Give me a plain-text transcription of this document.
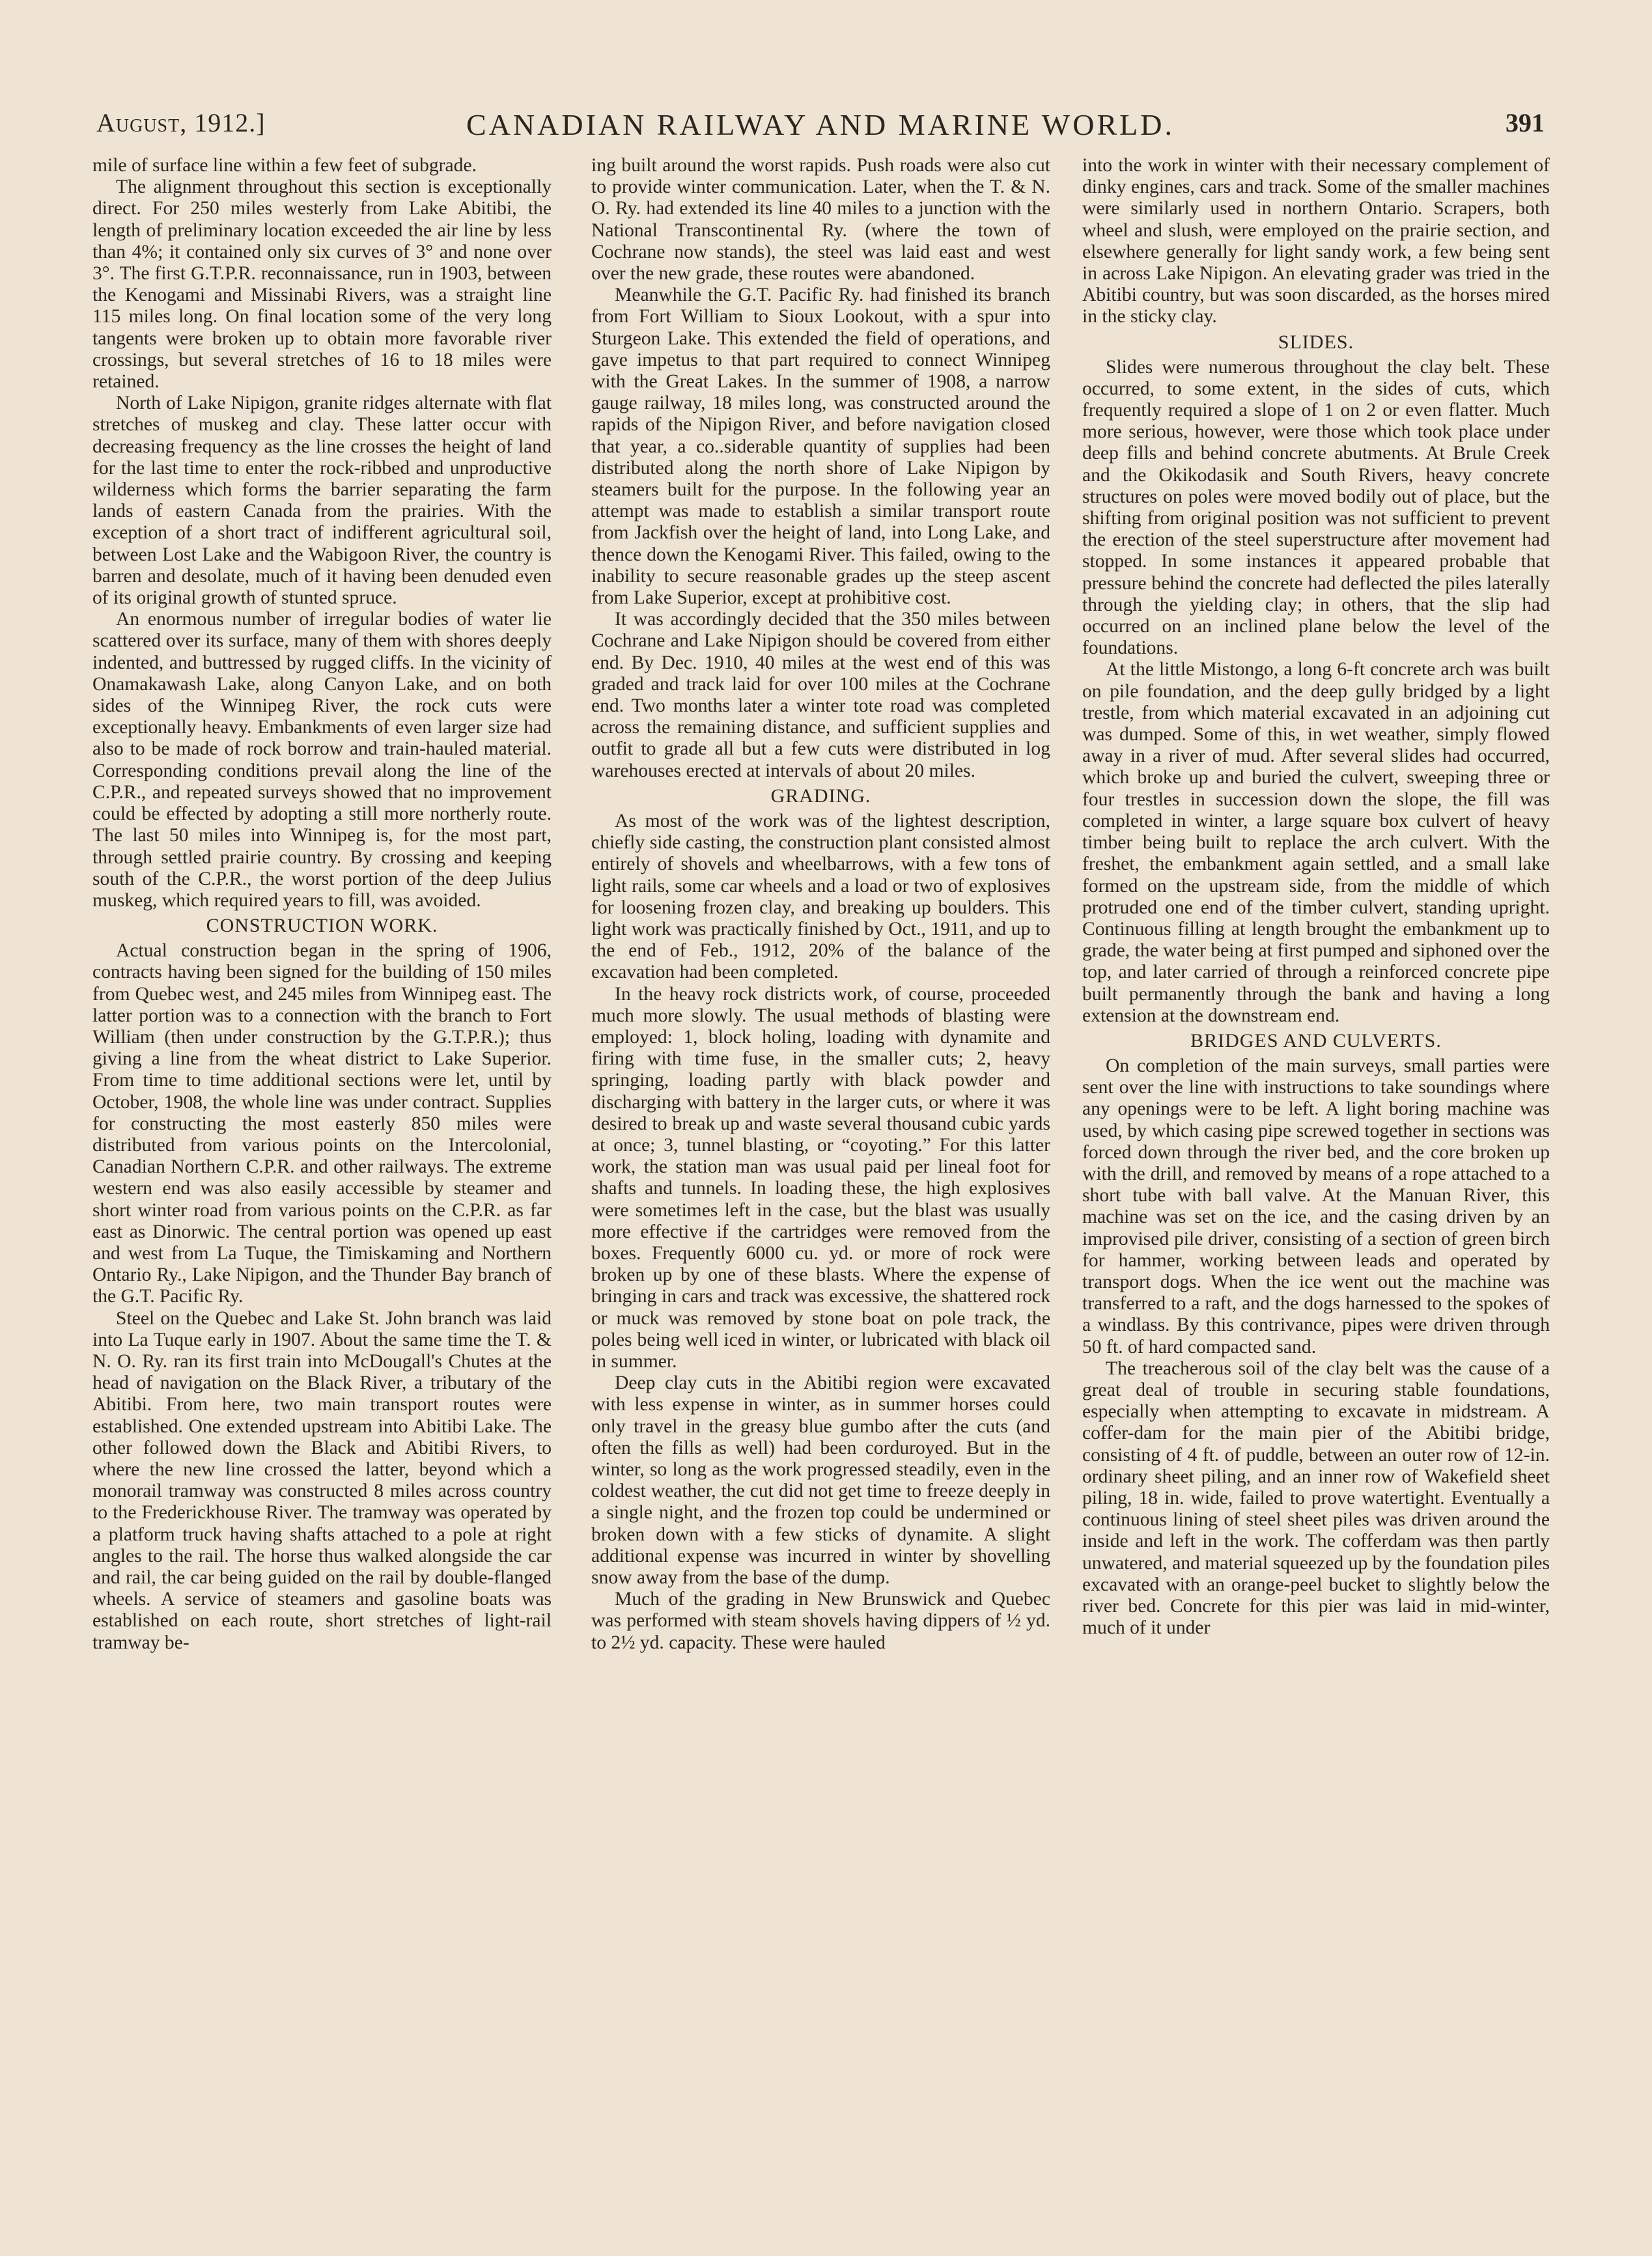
August, 1912.]	CANADIAN RAILWAY AND MARINE WORLD.	391

mile of surface line within a few feet of subgrade.

The alignment throughout this section is exceptionally direct. For 250 miles westerly from Lake Abitibi, the length of preliminary location exceeded the air line by less than 4%; it contained only six curves of 3° and none over 3°. The first G.T.P.R. reconnaissance, run in 1903, between the Kenogami and Missinabi Rivers, was a straight line 115 miles long. On final location some of the very long tangents were broken up to obtain more favorable river crossings, but several stretches of 16 to 18 miles were retained.

North of Lake Nipigon, granite ridges alternate with flat stretches of muskeg and clay. These latter occur with decreasing frequency as the line crosses the height of land for the last time to enter the rock-ribbed and unproductive wilderness which forms the barrier separating the farm lands of eastern Canada from the prairies. With the exception of a short tract of indifferent agricultural soil, between Lost Lake and the Wabigoon River, the country is barren and desolate, much of it having been denuded even of its original growth of stunted spruce.

An enormous number of irregular bodies of water lie scattered over its surface, many of them with shores deeply indented, and buttressed by rugged cliffs. In the vicinity of Onamakawash Lake, along Canyon Lake, and on both sides of the Winnipeg River, the rock cuts were exceptionally heavy. Embankments of even larger size had also to be made of rock borrow and train-hauled material. Corresponding conditions prevail along the line of the C.P.R., and repeated surveys showed that no improvement could be effected by adopting a still more northerly route. The last 50 miles into Winnipeg is, for the most part, through settled prairie country. By crossing and keeping south of the C.P.R., the worst portion of the deep Julius muskeg, which required years to fill, was avoided.

CONSTRUCTION WORK.

Actual construction began in the spring of 1906, contracts having been signed for the building of 150 miles from Quebec west, and 245 miles from Winnipeg east. The latter portion was to a connection with the branch to Fort William (then under construction by the G.T.P.R.); thus giving a line from the wheat district to Lake Superior. From time to time additional sections were let, until by October, 1908, the whole line was under contract. Supplies for constructing the most easterly 850 miles were distributed from various points on the Intercolonial, Canadian Northern C.P.R. and other railways. The extreme western end was also easily accessible by steamer and short winter road from various points on the C.P.R. as far east as Dinorwic. The central portion was opened up east and west from La Tuque, the Timiskaming and Northern Ontario Ry., Lake Nipigon, and the Thunder Bay branch of the G.T. Pacific Ry.

Steel on the Quebec and Lake St. John branch was laid into La Tuque early in 1907. About the same time the T. & N. O. Ry. ran its first train into McDougall's Chutes at the head of navigation on the Black River, a tributary of the Abitibi. From here, two main transport routes were established. One extended upstream into Abitibi Lake. The other followed down the Black and Abitibi Rivers, to where the new line crossed the latter, beyond which a monorail tramway was constructed 8 miles across country to the Frederickhouse River. The tramway was operated by a platform truck having shafts attached to a pole at right angles to the rail. The horse thus walked alongside the car and rail, the car being guided on the rail by double-flanged wheels. A service of steamers and gasoline boats was established on each route, short stretches of light-rail tramway be-

ing built around the worst rapids. Push roads were also cut to provide winter communication. Later, when the T. & N. O. Ry. had extended its line 40 miles to a junction with the National Transcontinental Ry. (where the town of Cochrane now stands), the steel was laid east and west over the new grade, these routes were abandoned.

Meanwhile the G.T. Pacific Ry. had finished its branch from Fort William to Sioux Lookout, with a spur into Sturgeon Lake. This extended the field of operations, and gave impetus to that part required to connect Winnipeg with the Great Lakes. In the summer of 1908, a narrow gauge railway, 18 miles long, was constructed around the rapids of the Nipigon River, and before navigation closed that year, a co..siderable quantity of supplies had been distributed along the north shore of Lake Nipigon by steamers built for the purpose. In the following year an attempt was made to establish a similar transport route from Jackfish over the height of land, into Long Lake, and thence down the Kenogami River. This failed, owing to the inability to secure reasonable grades up the steep ascent from Lake Superior, except at prohibitive cost.

It was accordingly decided that the 350 miles between Cochrane and Lake Nipigon should be covered from either end. By Dec. 1910, 40 miles at the west end of this was graded and track laid for over 100 miles at the Cochrane end. Two months later a winter tote road was completed across the remaining distance, and sufficient supplies and outfit to grade all but a few cuts were distributed in log warehouses erected at intervals of about 20 miles.

GRADING.

As most of the work was of the lightest description, chiefly side casting, the construction plant consisted almost entirely of shovels and wheelbarrows, with a few tons of light rails, some car wheels and a load or two of explosives for loosening frozen clay, and breaking up boulders. This light work was practically finished by Oct., 1911, and up to the end of Feb., 1912, 20% of the balance of the excavation had been completed.

In the heavy rock districts work, of course, proceeded much more slowly. The usual methods of blasting were employed: 1, block holing, loading with dynamite and firing with time fuse, in the smaller cuts; 2, heavy springing, loading partly with black powder and discharging with battery in the larger cuts, or where it was desired to break up and waste several thousand cubic yards at once; 3, tunnel blasting, or “coyoting.” For this latter work, the station man was usual paid per lineal foot for shafts and tunnels. In loading these, the high explosives were sometimes left in the case, but the blast was usually more effective if the cartridges were removed from the boxes. Frequently 6000 cu. yd. or more of rock were broken up by one of these blasts. Where the expense of bringing in cars and track was excessive, the shattered rock or muck was removed by stone boat on pole track, the poles being well iced in winter, or lubricated with black oil in summer.

Deep clay cuts in the Abitibi region were excavated with less expense in winter, as in summer horses could only travel in the greasy blue gumbo after the cuts (and often the fills as well) had been corduroyed. But in the winter, so long as the work progressed steadily, even in the coldest weather, the cut did not get time to freeze deeply in a single night, and the frozen top could be undermined or broken down with a few sticks of dynamite. A slight additional expense was incurred in winter by shovelling snow away from the base of the dump.

Much of the grading in New Brunswick and Quebec was performed with steam shovels having dippers of ½ yd. to 2½ yd. capacity. These were hauled

into the work in winter with their necessary complement of dinky engines, cars and track. Some of the smaller machines were similarly used in northern Ontario. Scrapers, both wheel and slush, were employed on the prairie section, and elsewhere generally for light sandy work, a few being sent in across Lake Nipigon. An elevating grader was tried in the Abitibi country, but was soon discarded, as the horses mired in the sticky clay.

SLIDES.

Slides were numerous throughout the clay belt. These occurred, to some extent, in the sides of cuts, which frequently required a slope of 1 on 2 or even flatter. Much more serious, however, were those which took place under deep fills and behind concrete abutments. At Brule Creek and the Okikodasik and South Rivers, heavy concrete structures on poles were moved bodily out of place, but the shifting from original position was not sufficient to prevent the erection of the steel superstructure after movement had stopped. In some instances it appeared probable that pressure behind the concrete had deflected the piles laterally through the yielding clay; in others, that the slip had occurred on an inclined plane below the level of the foundations.

At the little Mistongo, a long 6-ft concrete arch was built on pile foundation, and the deep gully bridged by a light trestle, from which material excavated in an adjoining cut was dumped. Some of this, in wet weather, simply flowed away in a river of mud. After several slides had occurred, which broke up and buried the culvert, sweeping three or four trestles in succession down the slope, the fill was completed in winter, a large square box culvert of heavy timber being built to replace the arch culvert. With the freshet, the embankment again settled, and a small lake formed on the upstream side, from the middle of which protruded one end of the timber culvert, standing upright. Continuous filling at length brought the embankment up to grade, the water being at first pumped and siphoned over the top, and later carried of through a reinforced concrete pipe built permanently through the bank and having a long extension at the downstream end.

BRIDGES AND CULVERTS.

On completion of the main surveys, small parties were sent over the line with instructions to take soundings where any openings were to be left. A light boring machine was used, by which casing pipe screwed together in sections was forced down through the river bed, and the core broken up with the drill, and removed by means of a rope attached to a short tube with ball valve. At the Manuan River, this machine was set on the ice, and the casing driven by an improvised pile driver, consisting of a section of green birch for hammer, working between leads and operated by transport dogs. When the ice went out the machine was transferred to a raft, and the dogs harnessed to the spokes of a windlass. By this contrivance, pipes were driven through 50 ft. of hard compacted sand.

The treacherous soil of the clay belt was the cause of a great deal of trouble in securing stable foundations, especially when attempting to excavate in midstream. A coffer-dam for the main pier of the Abitibi bridge, consisting of 4 ft. of puddle, between an outer row of 12-in. ordinary sheet piling, and an inner row of Wakefield sheet piling, 18 in. wide, failed to prove watertight. Eventually a continuous lining of steel sheet piles was driven around the inside and left in the work. The cofferdam was then partly unwatered, and material squeezed up by the foundation piles excavated with an orange-peel bucket to slightly below the river bed. Concrete for this pier was laid in mid-winter, much of it under
